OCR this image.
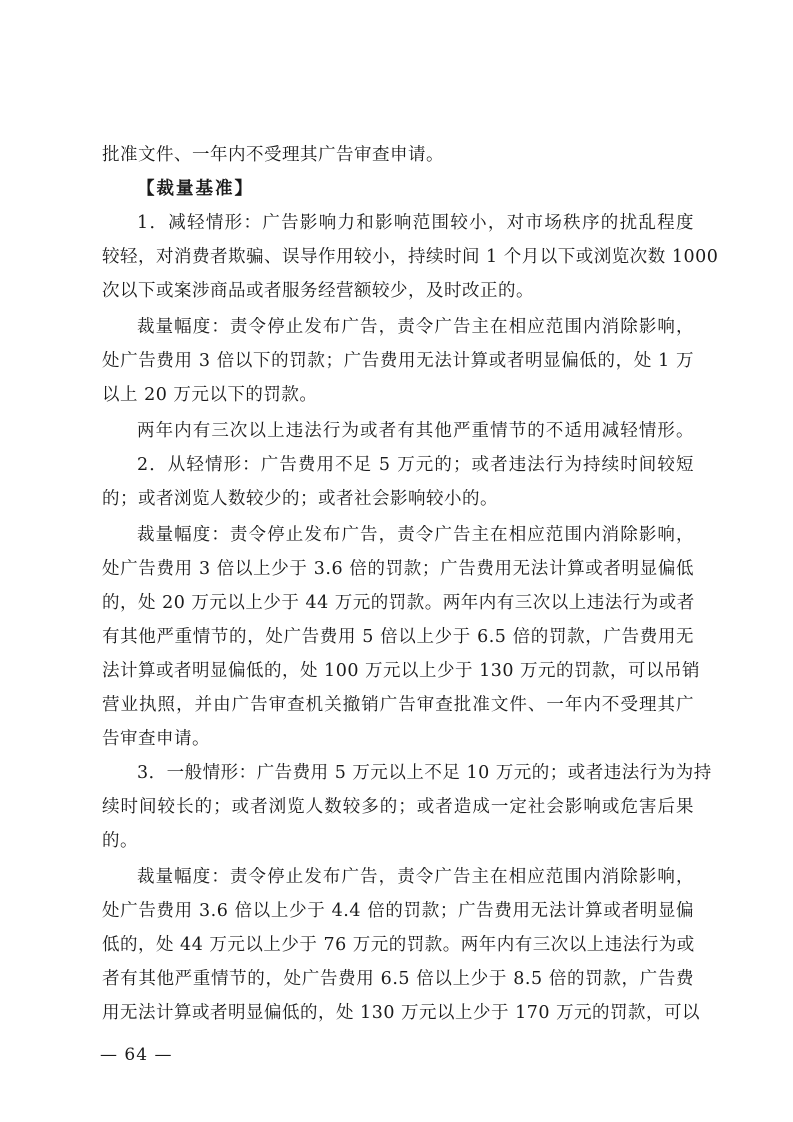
批准文件、一年内不受理其广告审查申请。
【裁量基准】
1．减轻情形：广告影响力和影响范围较小，对市场秩序的扰乱程度
较轻，对消费者欺骗、误导作用较小，持续时间 1 个月以下或浏览次数 1000
次以下或案涉商品或者服务经营额较少，及时改正的。
裁量幅度：责令停止发布广告，责令广告主在相应范围内消除影响，
处广告费用 3 倍以下的罚款；广告费用无法计算或者明显偏低的，处 1 万
以上 20 万元以下的罚款。
两年内有三次以上违法行为或者有其他严重情节的不适用减轻情形。
2．从轻情形：广告费用不足 5 万元的；或者违法行为持续时间较短
的；或者浏览人数较少的；或者社会影响较小的。
裁量幅度：责令停止发布广告，责令广告主在相应范围内消除影响，
处广告费用 3 倍以上少于 3.6 倍的罚款；广告费用无法计算或者明显偏低
的，处 20 万元以上少于 44 万元的罚款。两年内有三次以上违法行为或者
有其他严重情节的，处广告费用 5 倍以上少于 6.5 倍的罚款，广告费用无
法计算或者明显偏低的，处 100 万元以上少于 130 万元的罚款，可以吊销
营业执照，并由广告审查机关撤销广告审查批准文件、一年内不受理其广
告审查申请。
3．一般情形：广告费用 5 万元以上不足 10 万元的；或者违法行为为持
续时间较长的；或者浏览人数较多的；或者造成一定社会影响或危害后果
的。
裁量幅度：责令停止发布广告，责令广告主在相应范围内消除影响，
处广告费用 3.6 倍以上少于 4.4 倍的罚款；广告费用无法计算或者明显偏
低的，处 44 万元以上少于 76 万元的罚款。两年内有三次以上违法行为或
者有其他严重情节的，处广告费用 6.5 倍以上少于 8.5 倍的罚款，广告费
用无法计算或者明显偏低的，处 130 万元以上少于 170 万元的罚款，可以
— 64 —
